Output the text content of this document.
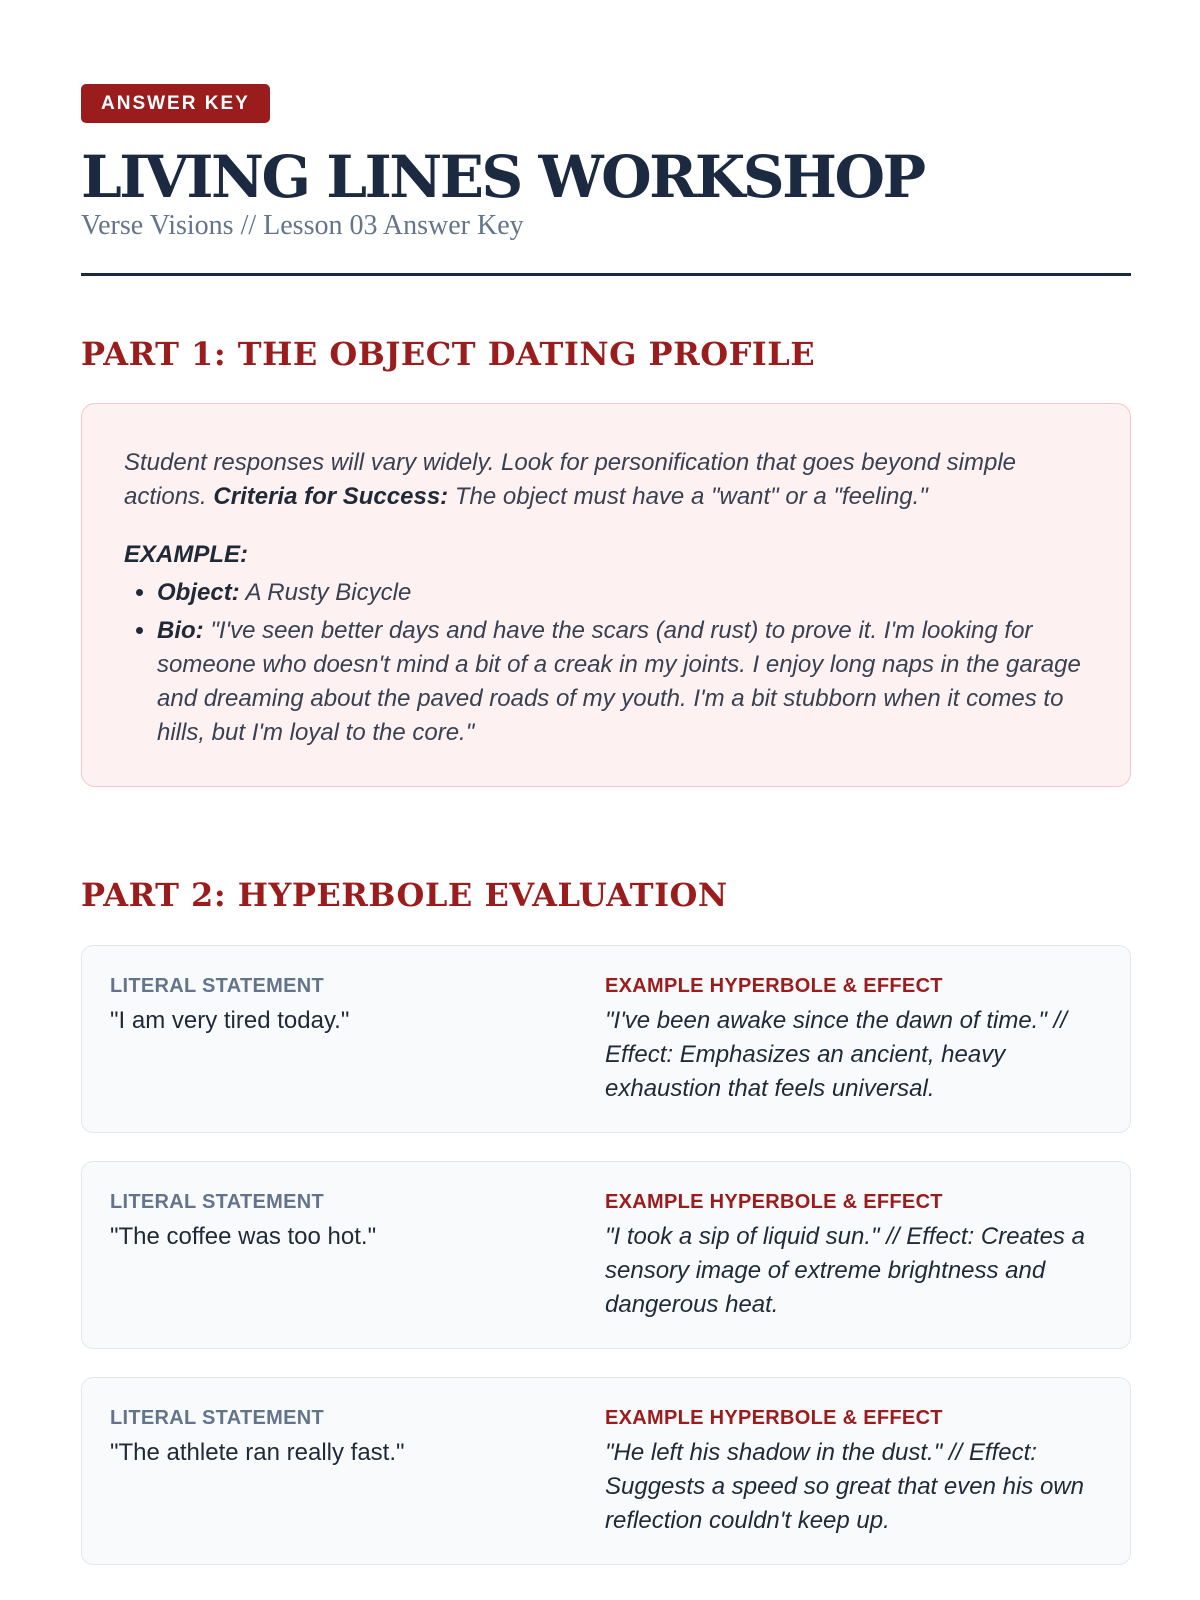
ANSWER KEY
LIVING LINES WORKSHOP
Verse Visions // Lesson 03 Answer Key
PART 1: THE OBJECT DATING PROFILE

Student responses will vary widely. Look for personification that goes beyond simple actions. Criteria for Success: The object must have a "want" or a "feeling."

EXAMPLE:

• Object: A Rusty Bicycle
• Bio: "I've seen better days and have the scars (and rust) to prove it. I'm looking for someone who doesn't mind a bit of a creak in my joints. I enjoy long naps in the garage and dreaming about the paved roads of my youth. I'm a bit stubborn when it comes to hills, but I'm loyal to the core."
PART 2: HYPERBOLE EVALUATION
LITERAL STATEMENT
"I am very tired today."
EXAMPLE HYPERBOLE & EFFECT
"I've been awake since the dawn of time." // Effect: Emphasizes an ancient, heavy exhaustion that feels universal.
LITERAL STATEMENT
"The coffee was too hot."
EXAMPLE HYPERBOLE & EFFECT
"I took a sip of liquid sun." // Effect: Creates a sensory image of extreme brightness and dangerous heat.
LITERAL STATEMENT
"The athlete ran really fast."
EXAMPLE HYPERBOLE & EFFECT
"He left his shadow in the dust." // Effect: Suggests a speed so great that even his own reflection couldn't keep up.
